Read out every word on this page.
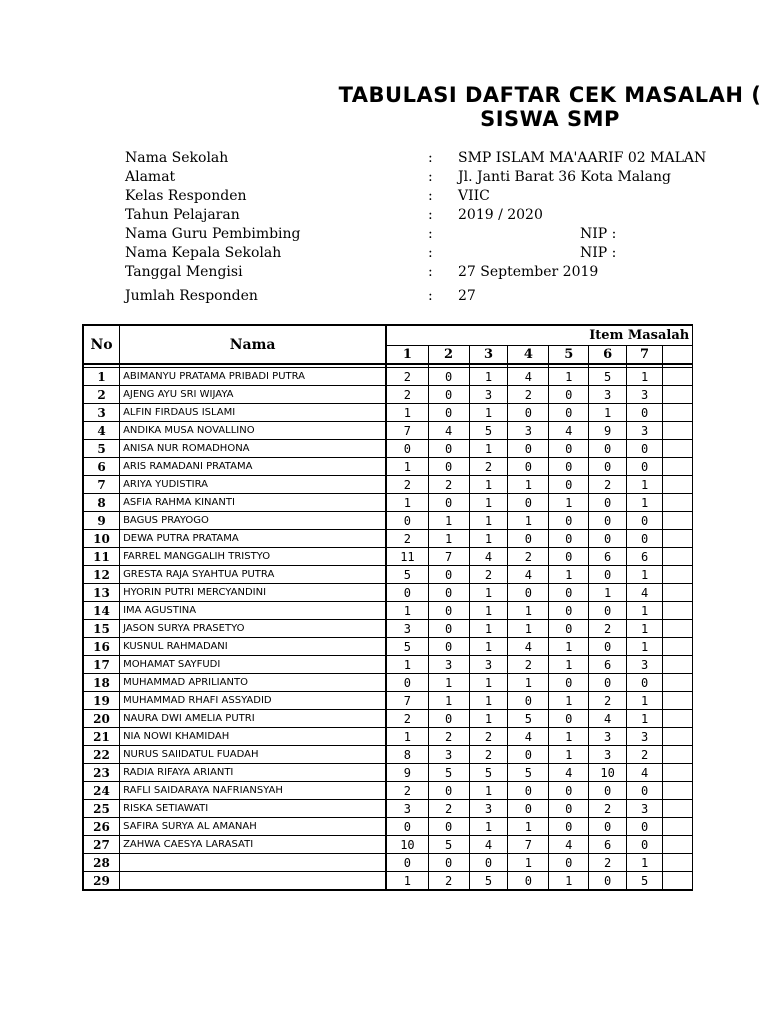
TABULASI DAFTAR CEK MASALAH (
SISWA SMP
Nama Sekolah	: SMP ISLAM MA'AARIF 02 MALAN
Alamat	: Jl. Janti Barat 36 Kota Malang
Kelas Responden	: VIIC
Tahun Pelajaran	: 2019 / 2020
Nama Guru Pembimbing	:	NIP :
Nama Kepala Sekolah	:	NIP :
Tanggal Mengisi	: 27 September 2019
Jumlah Responden	: 27
No	Nama	Item Masalah							
		1	2	3	4	5	6	7	

1	ABIMANYU PRATAMA PRIBADI PUTRA	2	0	1	4	1	5	1	
2	AJENG AYU SRI WIJAYA	2	0	3	2	0	3	3	
3	ALFIN FIRDAUS ISLAMI	1	0	1	0	0	1	0	
4	ANDIKA MUSA NOVALLINO	7	4	5	3	4	9	3	
5	ANISA NUR ROMADHONA	0	0	1	0	0	0	0	
6	ARIS RAMADANI PRATAMA	1	0	2	0	0	0	0	
7	ARIYA YUDISTIRA	2	2	1	1	0	2	1	
8	ASFIA RAHMA KINANTI	1	0	1	0	1	0	1	
9	BAGUS PRAYOGO	0	1	1	1	0	0	0	
10	DEWA PUTRA PRATAMA	2	1	1	0	0	0	0	
11	FARREL MANGGALIH TRISTYO	11	7	4	2	0	6	6	
12	GRESTA RAJA SYAHTUA PUTRA	5	0	2	4	1	0	1	
13	HYORIN PUTRI MERCYANDINI	0	0	1	0	0	1	4	
14	IMA AGUSTINA	1	0	1	1	0	0	1	
15	JASON SURYA PRASETYO	3	0	1	1	0	2	1	
16	KUSNUL RAHMADANI	5	0	1	4	1	0	1	
17	MOHAMAT SAYFUDI	1	3	3	2	1	6	3	
18	MUHAMMAD APRILIANTO	0	1	1	1	0	0	0	
19	MUHAMMAD RHAFI ASSYADID	7	1	1	0	1	2	1	
20	NAURA DWI AMELIA PUTRI	2	0	1	5	0	4	1	
21	NIA NOWI KHAMIDAH	1	2	2	4	1	3	3	
22	NURUS SAIIDATUL FUADAH	8	3	2	0	1	3	2	
23	RADIA RIFAYA ARIANTI	9	5	5	5	4	10	4	
24	RAFLI SAIDARAYA NAFRIANSYAH	2	0	1	0	0	0	0	
25	RISKA SETIAWATI	3	2	3	0	0	2	3	
26	SAFIRA SURYA AL AMANAH	0	0	1	1	0	0	0	
27	ZAHWA CAESYA LARASATI	10	5	4	7	4	6	0	
28		0	0	0	1	0	2	1	
29		1	2	5	0	1	0	5	
